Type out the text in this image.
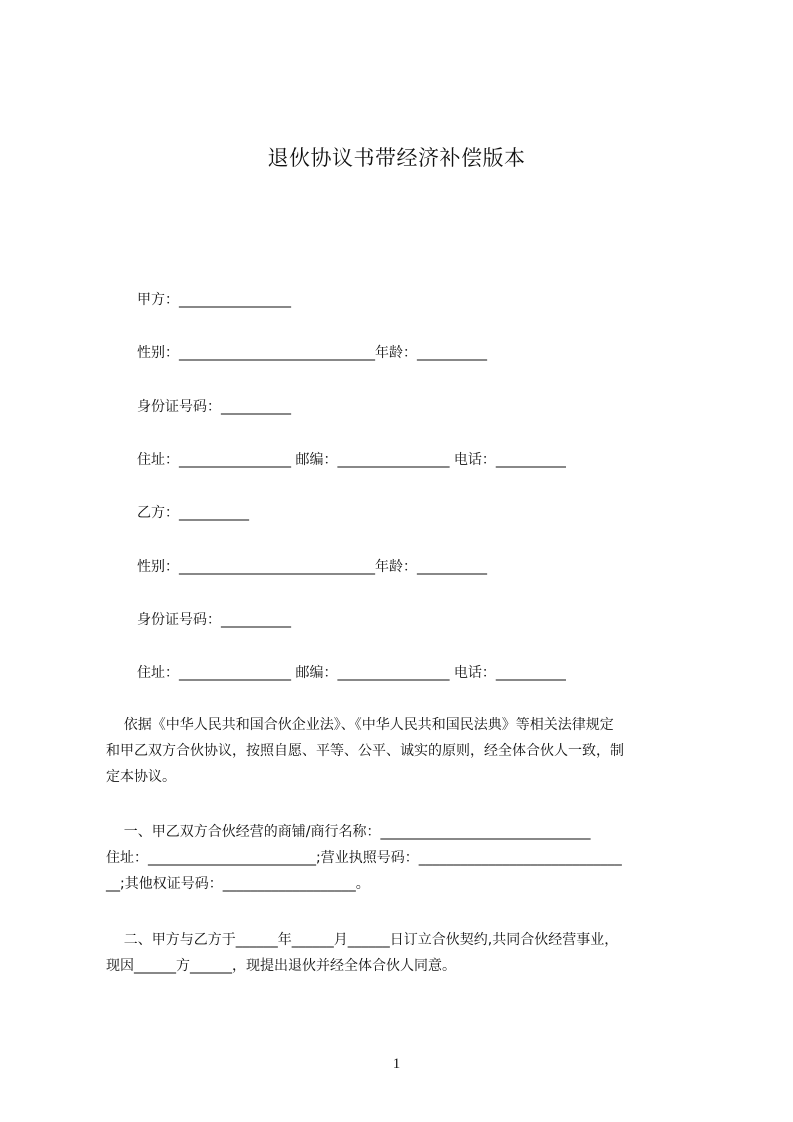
退伙协议书带经济补偿版本
甲方：________________
性别：____________________________年龄：__________
身份证号码：__________
住址：________________ 邮编：________________ 电话：__________
乙方：__________
性别：____________________________年龄：__________
身份证号码：__________
住址：________________ 邮编：________________ 电话：__________
依据《中华人民共和国合伙企业法》、《中华人民共和国民法典》等相关法律规定
和甲乙双方合伙协议，按照自愿、平等、公平、诚实的原则，经全体合伙人一致，制
定本协议。
一、甲乙双方合伙经营的商铺/商行名称：______________________________
住址：________________________;营业执照号码：_____________________________
__;其他权证号码：___________________。
二、甲方与乙方于______年______月______日订立合伙契约,共同合伙经营事业，
现因______方______，现提出退伙并经全体合伙人同意。
1
